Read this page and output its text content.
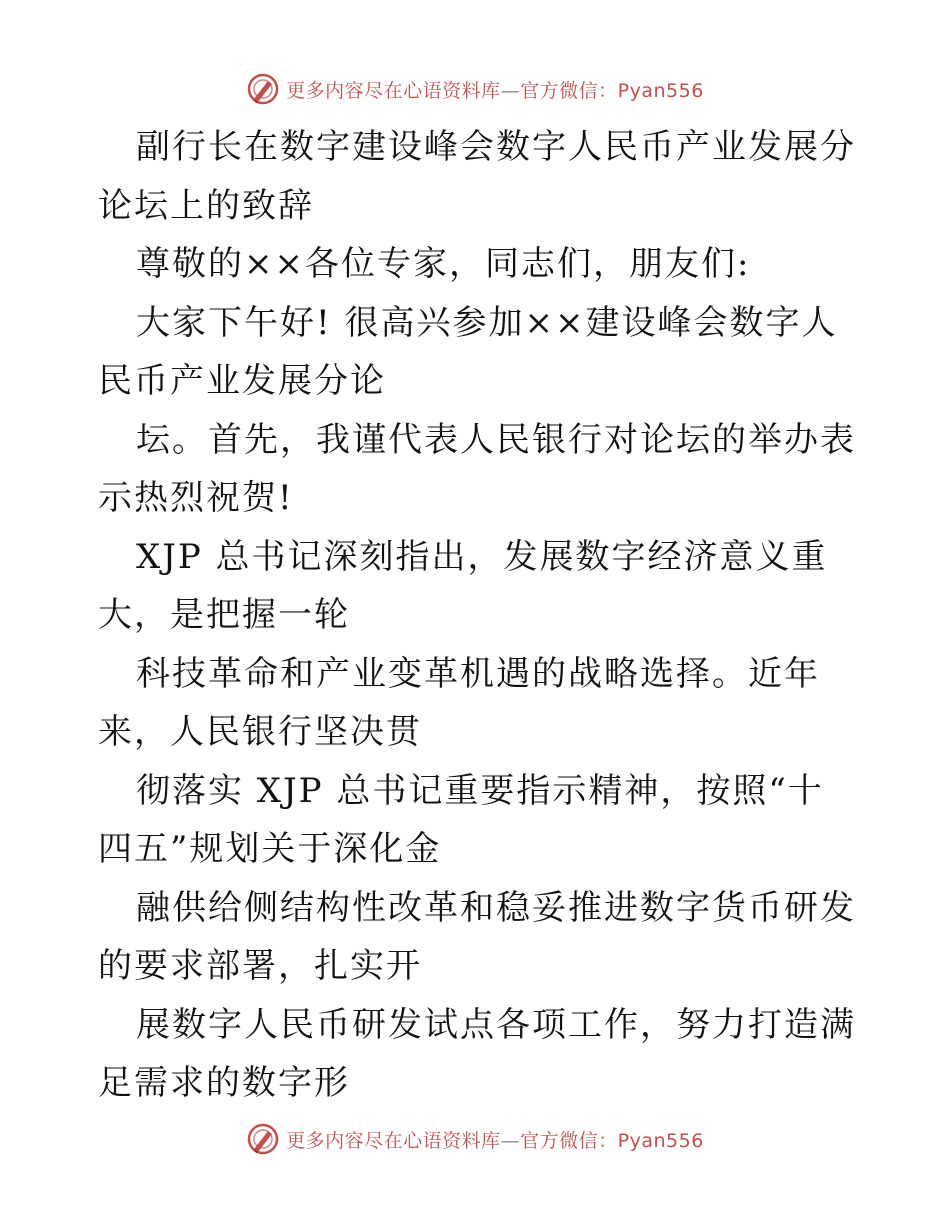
更多内容尽在心语资料库—官方微信：Pyan556

副行长在数字建设峰会数字人民币产业发展分论坛上的致辞

尊敬的××各位专家，同志们，朋友们:

大家下午好! 很高兴参加××建设峰会数字人民币产业发展分论

坛。首先，我谨代表人民银行对论坛的举办表示热烈祝贺!

XJP 总书记深刻指出，发展数字经济意义重大，是把握一轮

科技革命和产业变革机遇的战略选择。近年来，人民银行坚决贯

彻落实 XJP 总书记重要指示精神，按照“十四五”规划关于深化金

融供给侧结构性改革和稳妥推进数字货币研发的要求部署，扎实开

展数字人民币研发试点各项工作，努力打造满足需求的数字形

更多内容尽在心语资料库—官方微信：Pyan556
